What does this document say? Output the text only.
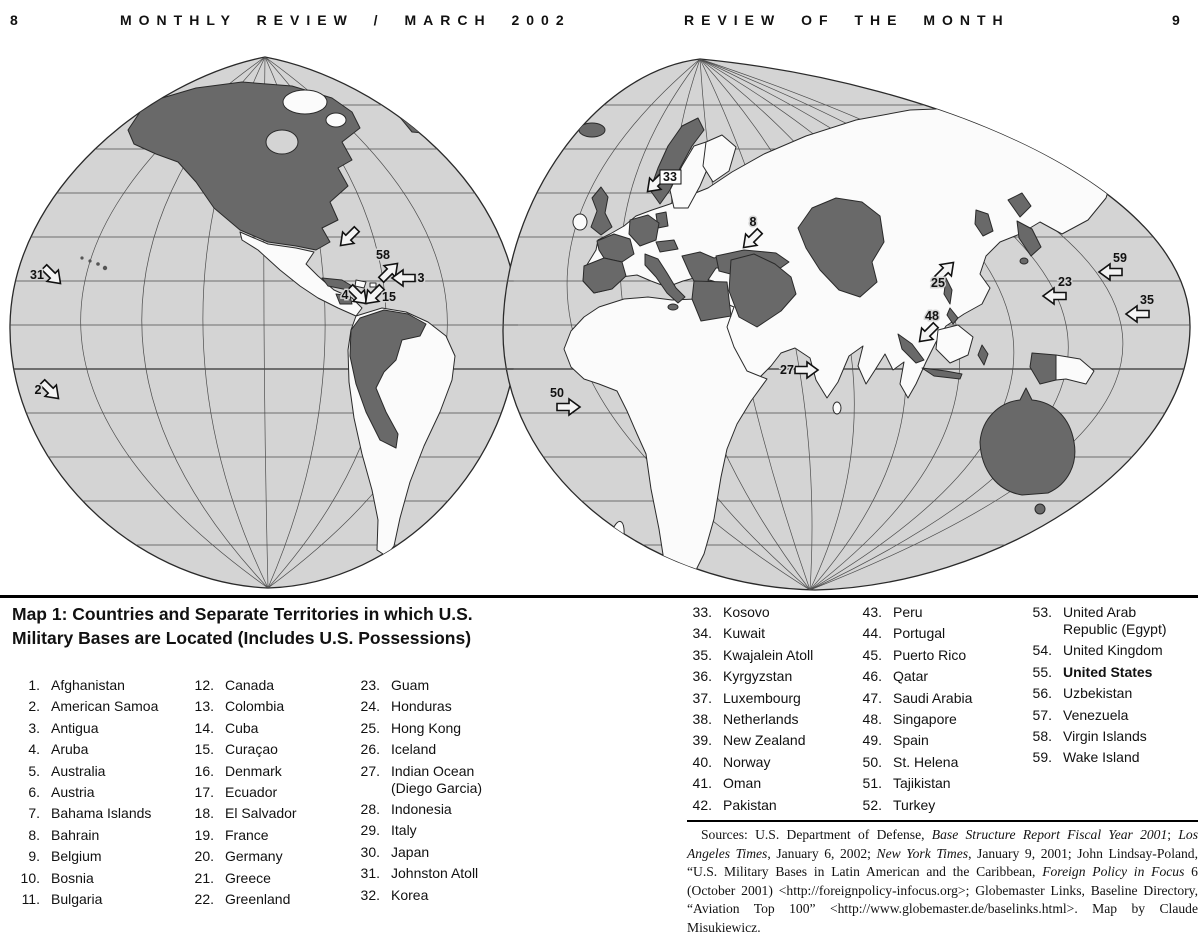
8	MONTHLY REVIEW / MARCH 2002	REVIEW OF THE MONTH	9
31
2
58
3
4	15
33
8
25
59
23
35
48
27
50
Map 1: Countries and Separate Territories in which U.S.
Military Bases are Located (Includes U.S. Possessions)
1. Afghanistan
2. American Samoa
3. Antigua
4. Aruba
5. Australia
6. Austria
7. Bahama Islands
8. Bahrain
9. Belgium
10. Bosnia
11. Bulgaria
12. Canada
13. Colombia
14. Cuba
15. Curaçao
16. Denmark
17. Ecuador
18. El Salvador
19. France
20. Germany
21. Greece
22. Greenland
23. Guam
24. Honduras
25. Hong Kong
26. Iceland
27. Indian Ocean
(Diego Garcia)
28. Indonesia
29. Italy
30. Japan
31. Johnston Atoll
32. Korea
33. Kosovo
34. Kuwait
35. Kwajalein Atoll
36. Kyrgyzstan
37. Luxembourg
38. Netherlands
39. New Zealand
40. Norway
41. Oman
42. Pakistan
43. Peru
44. Portugal
45. Puerto Rico
46. Qatar
47. Saudi Arabia
48. Singapore
49. Spain
50. St. Helena
51. Tajikistan
52. Turkey
53. United Arab
Republic (Egypt)
54. United Kingdom
55. United States
56. Uzbekistan
57. Venezuela
58. Virgin Islands
59. Wake Island
Sources: U.S. Department of Defense, Base Structure Report Fiscal Year 2001; Los Angeles Times, January 6, 2002; New York Times, January 9, 2001; John Lindsay-Poland, “U.S. Military Bases in Latin American and the Caribbean, Foreign Policy in Focus 6 (October 2001) <http://foreignpolicy-infocus.org>; Globemaster Links, Baseline Directory, “Aviation Top 100” <http://www.globemaster.de/baselinks.html>. Map by Claude Misukiewicz.
